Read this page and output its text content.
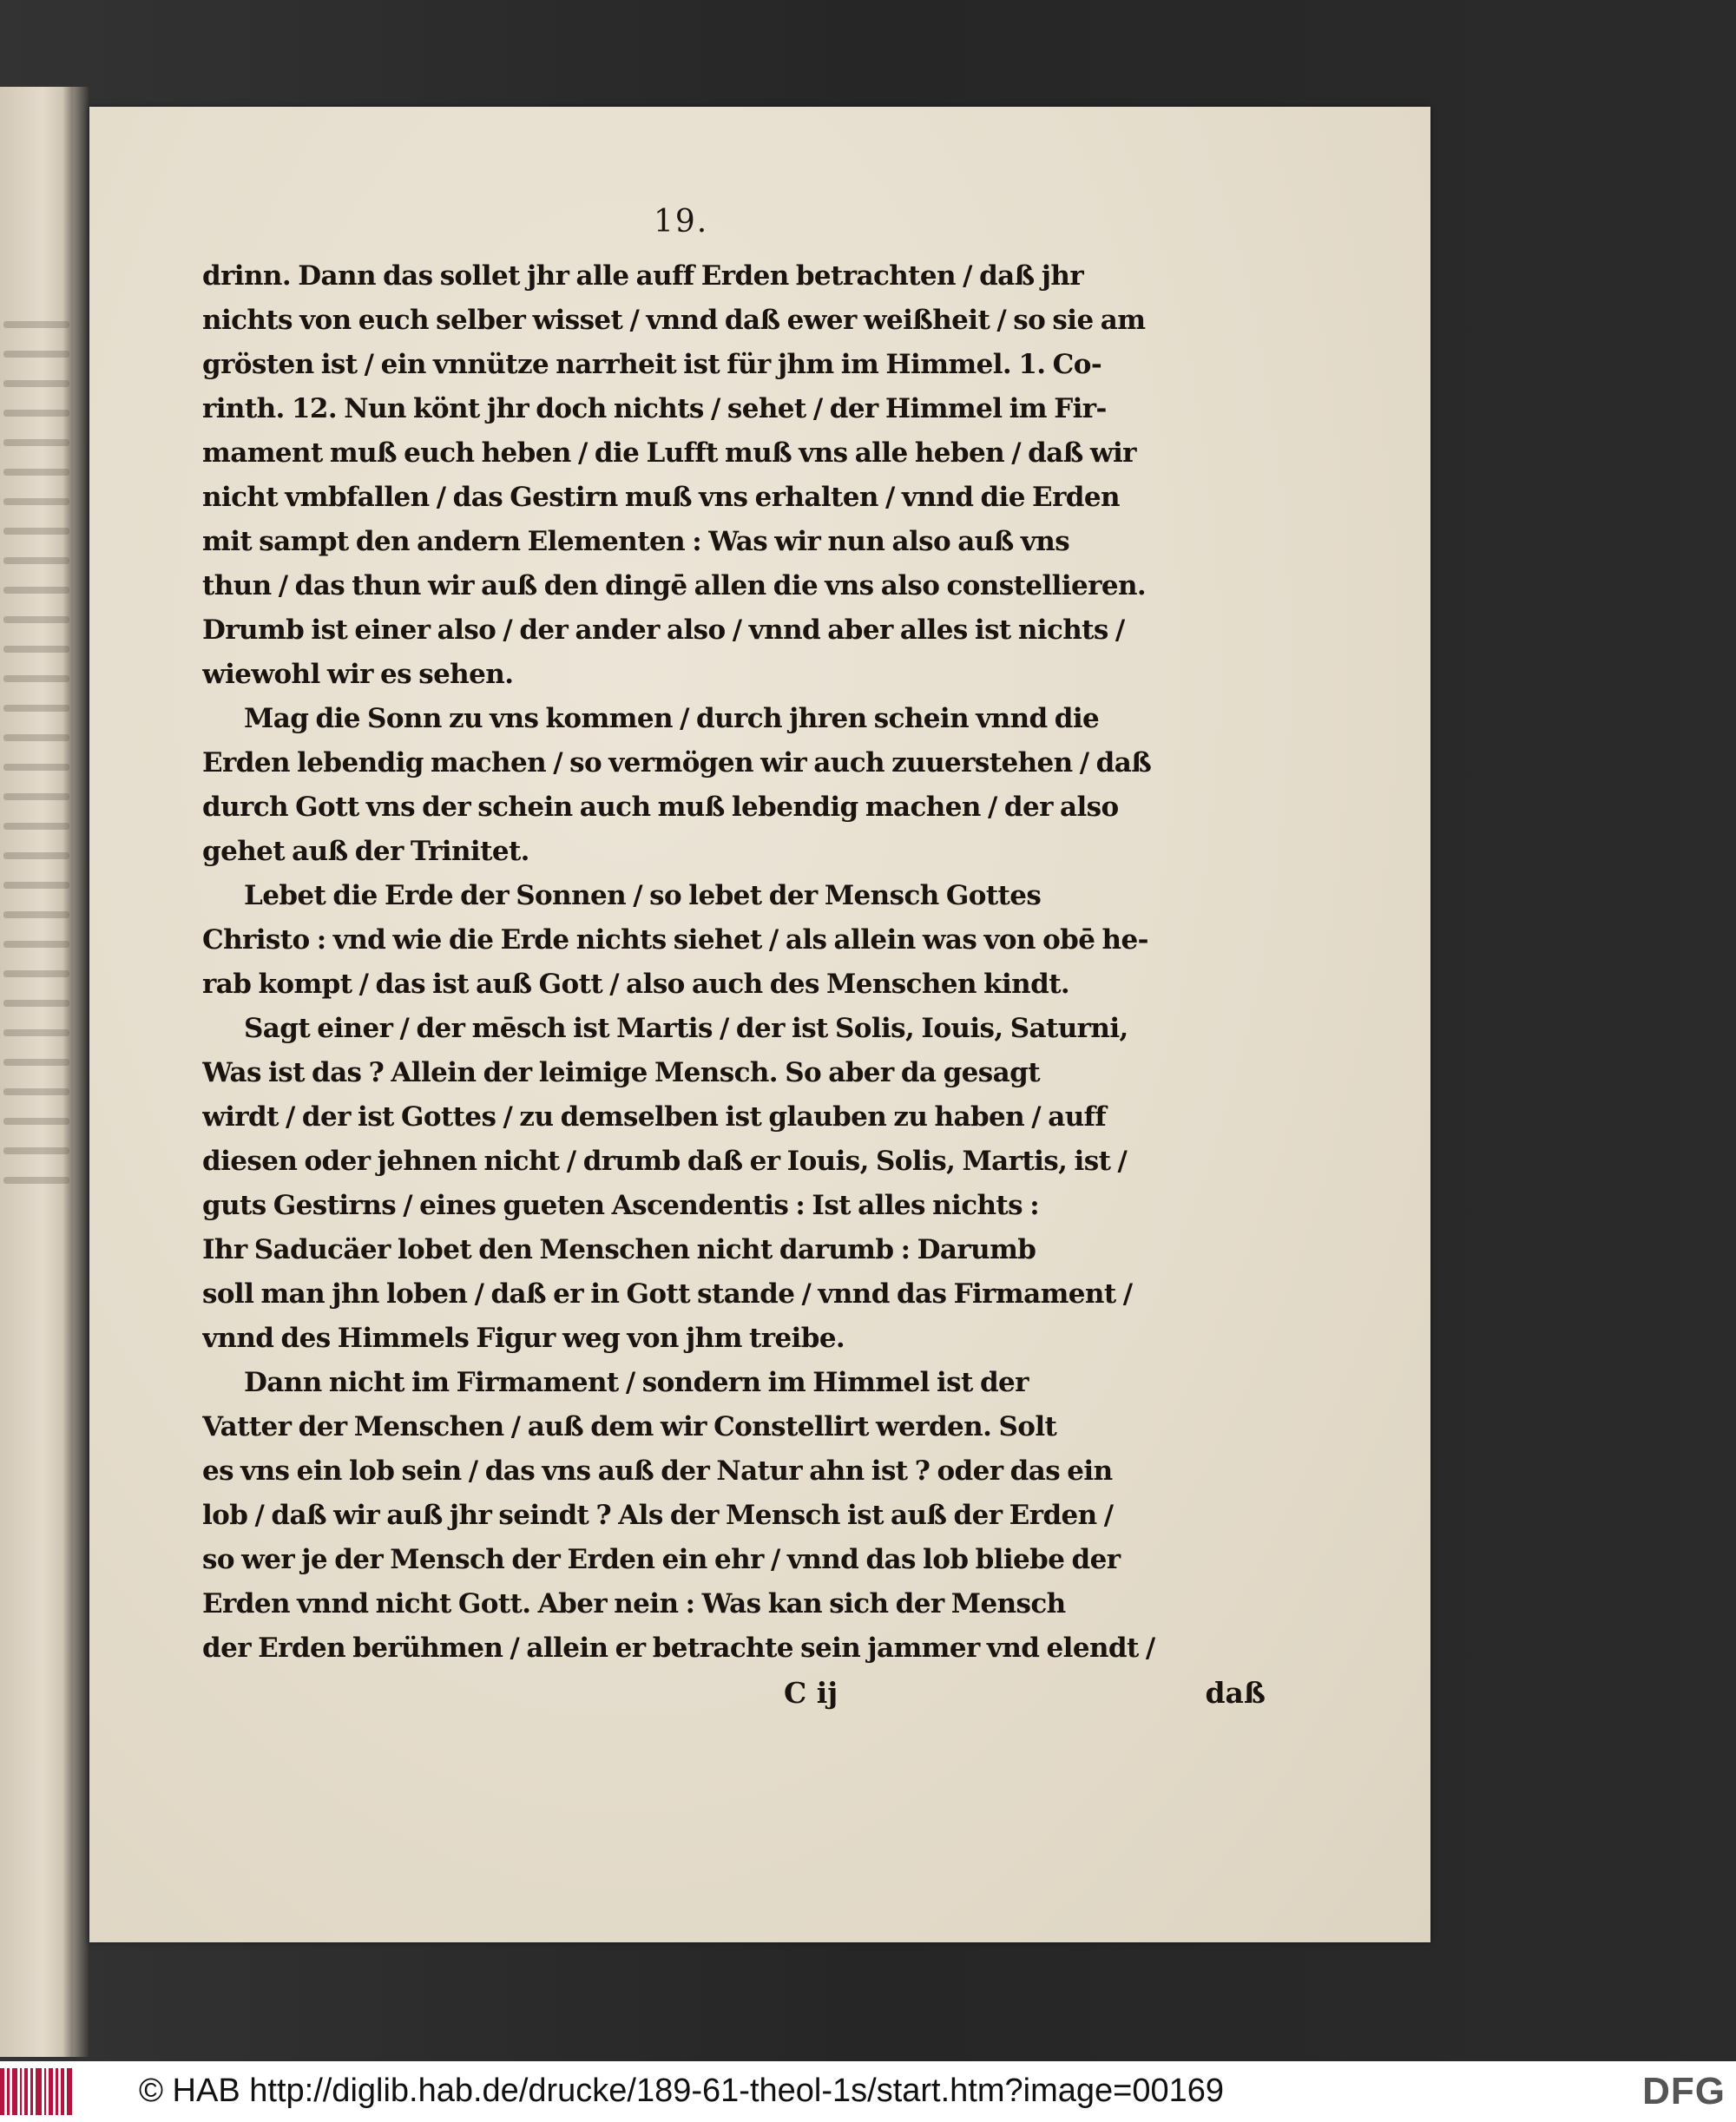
19.
drinn. Dann das sollet jhr alle auff Erden betrachten / daß jhr
nichts von euch selber wisset / vnnd daß ewer weißheit / so sie am
grösten ist / ein vnnütze narrheit ist für jhm im Himmel. 1. Co-
rinth. 12. Nun könt jhr doch nichts / sehet / der Himmel im Fir-
mament muß euch heben / die Lufft muß vns alle heben / daß wir
nicht vmbfallen / das Gestirn muß vns erhalten / vnnd die Erden
mit sampt den andern Elementen : Was wir nun also auß vns
thun / das thun wir auß den dingē allen die vns also constellieren.
Drumb ist einer also / der ander also / vnnd aber alles ist nichts /
wiewohl wir es sehen.
Mag die Sonn zu vns kommen / durch jhren schein vnnd die
Erden lebendig machen / so vermögen wir auch zuuerstehen / daß
durch Gott vns der schein auch muß lebendig machen / der also
gehet auß der Trinitet.
Lebet die Erde der Sonnen / so lebet der Mensch Gottes
Christo : vnd wie die Erde nichts siehet / als allein was von obē he-
rab kompt / das ist auß Gott / also auch des Menschen kindt.
Sagt einer / der mēsch ist Martis / der ist Solis, Iouis, Saturni,
Was ist das ? Allein der leimige Mensch. So aber da gesagt
wirdt / der ist Gottes / zu demselben ist glauben zu haben / auff
diesen oder jehnen nicht / drumb daß er Iouis, Solis, Martis, ist /
guts Gestirns / eines gueten Ascendentis : Ist alles nichts :
Ihr Saducäer lobet den Menschen nicht darumb : Darumb
soll man jhn loben / daß er in Gott stande / vnnd das Firmament /
vnnd des Himmels Figur weg von jhm treibe.
Dann nicht im Firmament / sondern im Himmel ist der
Vatter der Menschen / auß dem wir Constellirt werden. Solt
es vns ein lob sein / das vns auß der Natur ahn ist ? oder das ein
lob / daß wir auß jhr seindt ? Als der Mensch ist auß der Erden /
so wer je der Mensch der Erden ein ehr / vnnd das lob bliebe der
Erden vnnd nicht Gott. Aber nein : Was kan sich der Mensch
der Erden berühmen / allein er betrachte sein jammer vnd elendt /
C ij	daß
© HAB http://diglib.hab.de/drucke/189-61-theol-1s/start.htm?image=00169	DFG
